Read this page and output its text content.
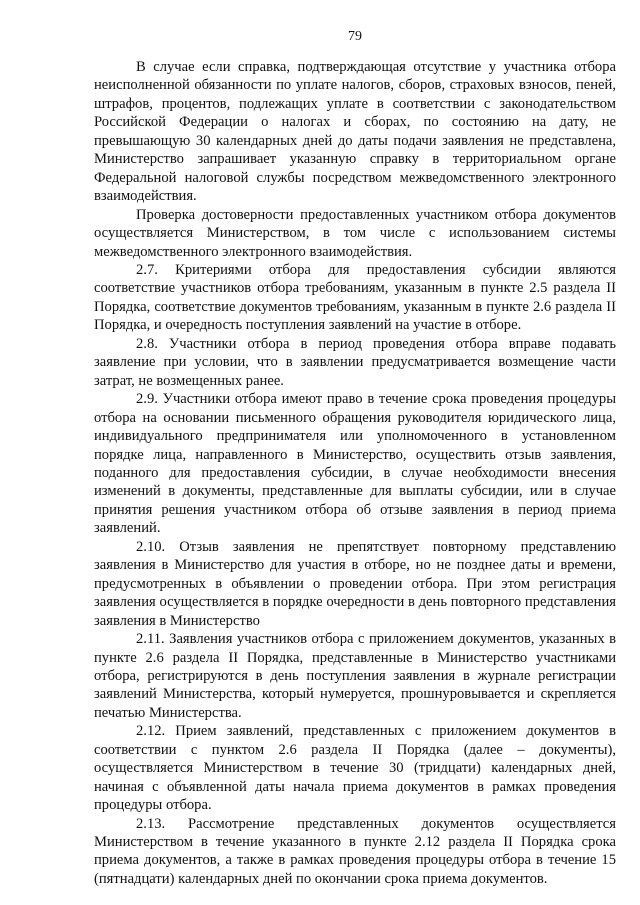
79

В случае если справка, подтверждающая отсутствие у участника отбора неисполненной обязанности по уплате налогов, сборов, страховых взносов, пеней, штрафов, процентов, подлежащих уплате в соответствии с законодательством Российской Федерации о налогах и сборах, по состоянию на дату, не превышающую 30 календарных дней до даты подачи заявления не представлена, Министерство запрашивает указанную справку в территориальном органе Федеральной налоговой службы посредством межведомственного электронного взаимодействия.

Проверка достоверности предоставленных участником отбора документов осуществляется Министерством, в том числе с использованием системы межведомственного электронного взаимодействия.

2.7. Критериями отбора для предоставления субсидии являются соответствие участников отбора требованиям, указанным в пункте 2.5 раздела II Порядка, соответствие документов требованиям, указанным в пункте 2.6 раздела II Порядка, и очередность поступления заявлений на участие в отборе.

2.8. Участники отбора в период проведения отбора вправе подавать заявление при условии, что в заявлении предусматривается возмещение части затрат, не возмещенных ранее.

2.9. Участники отбора имеют право в течение срока проведения процедуры отбора на основании письменного обращения руководителя юридического лица, индивидуального предпринимателя или уполномоченного в установленном порядке лица, направленного в Министерство, осуществить отзыв заявления, поданного для предоставления субсидии, в случае необходимости внесения изменений в документы, представленные для выплаты субсидии, или в случае принятия решения участником отбора об отзыве заявления в период приема заявлений.

2.10. Отзыв заявления не препятствует повторному представлению заявления в Министерство для участия в отборе, но не позднее даты и времени, предусмотренных в объявлении о проведении отбора. При этом регистрация заявления осуществляется в порядке очередности в день повторного представления заявления в Министерство

2.11. Заявления участников отбора с приложением документов, указанных в пункте 2.6 раздела II Порядка, представленные в Министерство участниками отбора, регистрируются в день поступления заявления в журнале регистрации заявлений Министерства, который нумеруется, прошнуровывается и скрепляется печатью Министерства.

2.12. Прием заявлений, представленных с приложением документов в соответствии с пунктом 2.6 раздела II Порядка (далее – документы), осуществляется Министерством в течение 30 (тридцати) календарных дней, начиная с объявленной даты начала приема документов в рамках проведения процедуры отбора.

2.13. Рассмотрение представленных документов осуществляется Министерством в течение указанного в пункте 2.12 раздела II Порядка срока приема документов, а также в рамках проведения процедуры отбора в течение 15 (пятнадцати) календарных дней по окончании срока приема документов.
